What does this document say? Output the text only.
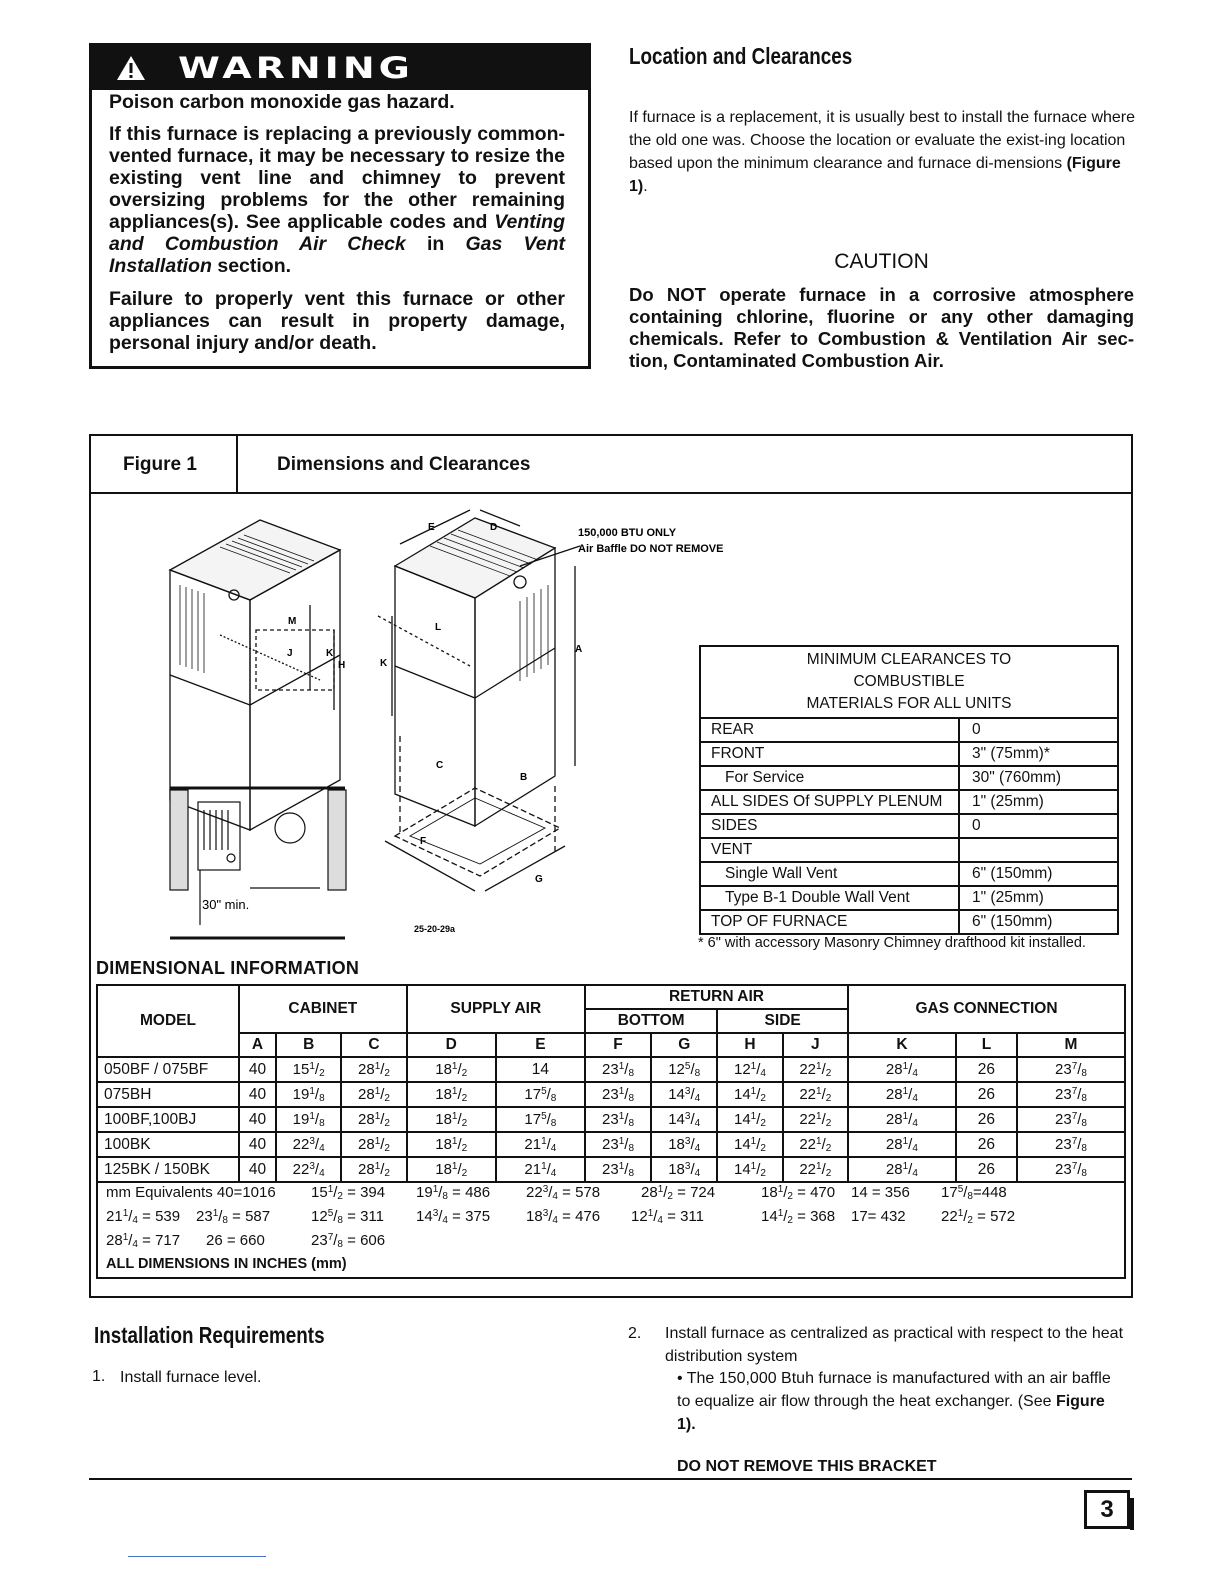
WARNING

Poison carbon monoxide gas hazard.

If this furnace is replacing a previously common-vented furnace, it may be necessary to resize the existing vent line and chimney to prevent oversizing problems for the other remaining appliances(s). See applicable codes and Venting and Combustion Air Check in Gas Vent Installation section.

Failure to properly vent this furnace or other appliances can result in property damage, personal injury and/or death.

Location and Clearances
If furnace is a replacement, it is usually best to install the furnace where the old one was. Choose the location or evaluate the exist-ing location based upon the minimum clearance and furnace di-mensions (Figure 1).
CAUTION
Do NOT operate furnace in a corrosive atmosphere containing chlorine, fluorine or any other damaging chemicals. Refer to Combustion & Ventilation Air sec-tion, Contaminated Combustion Air.
Figure 1	Dimensions and Clearances
M
J	K
H
30" min.
E	D
L
K
A
C
B
F
G
150,000 BTU ONLY
Air Baffle DO NOT REMOVE
25-20-29a
MINIMUM CLEARANCES TO
COMBUSTIBLE
MATERIALS FOR ALL UNITS	

REAR	0
FRONT	3" (75mm)*
For Service	30" (760mm)
ALL SIDES Of SUPPLY PLENUM	1" (25mm)
SIDES	0
VENT	
Single Wall Vent	6" (150mm)
Type B-1 Double Wall Vent	1" (25mm)
TOP OF FURNACE	6" (150mm)
* 6" with accessory Masonry Chimney drafthood kit installed.
DIMENSIONAL INFORMATION
MODEL	CABINET			SUPPLY AIR		RETURN AIR				GAS CONNECTION		
						BOTTOM		SIDE				
	A	B	C	D	E	F	G	H	J	K	L	M
050BF / 075BF	40	$15^1/_2$	$28^1/_2$	$18^1/_2$	14	$23^1/_8$	$12^5/_8$	$12^1/_4$	$22^1/_2$	$28^1/_4$	26	$23^7/_8$
075BH	40	$19^1/_8$	$28^1/_2$	$18^1/_2$	$17^5/_8$	$23^1/_8$	$14^3/_4$	$14^1/_2$	$22^1/_2$	$28^1/_4$	26	$23^7/_8$
100BF,100BJ	40	$19^1/_8$	$28^1/_2$	$18^1/_2$	$17^5/_8$	$23^1/_8$	$14^3/_4$	$14^1/_2$	$22^1/_2$	$28^1/_4$	26	$23^7/_8$
100BK	40	$22^3/_4$	$28^1/_2$	$18^1/_2$	$21^1/_4$	$23^1/_8$	$18^3/_4$	$14^1/_2$	$22^1/_2$	$28^1/_4$	26	$23^7/_8$
125BK / 150BK	40	$22^3/_4$	$28^1/_2$	$18^1/_2$	$21^1/_4$	$23^1/_8$	$18^3/_4$	$14^1/_2$	$22^1/_2$	$28^1/_4$	26	$23^7/_8$
mm Equivalents 40=1016 $15^1/_2 = 394$ $19^1/_8 = 486$ $22^3/_4 = 578$	$28^1/_2 = 724$	$18^1/_2 = 470$ 14 = 356 $17^5/_8=448$
$21^1/_4 = 539$ $23^1/_8 = 587$	$12^5/_8 = 311$ $14^3/_4 = 375$ $18^3/_4 = 476$ $12^1/_4 = 311$	$14^1/_2 = 368$ 17= 432 $22^1/_2 = 572$
$28^1/_4 = 717$ 26 = 660	$23^7/_8 = 606$
ALL DIMENSIONS IN INCHES (mm)
Installation Requirements
1. Install furnace level.
2. Install furnace as centralized as practical with respect to the heat distribution system
• The 150,000 Btuh furnace is manufactured with an air baffle to equalize air flow through the heat exchanger. (See Figure 1).
DO NOT REMOVE THIS BRACKET
3
